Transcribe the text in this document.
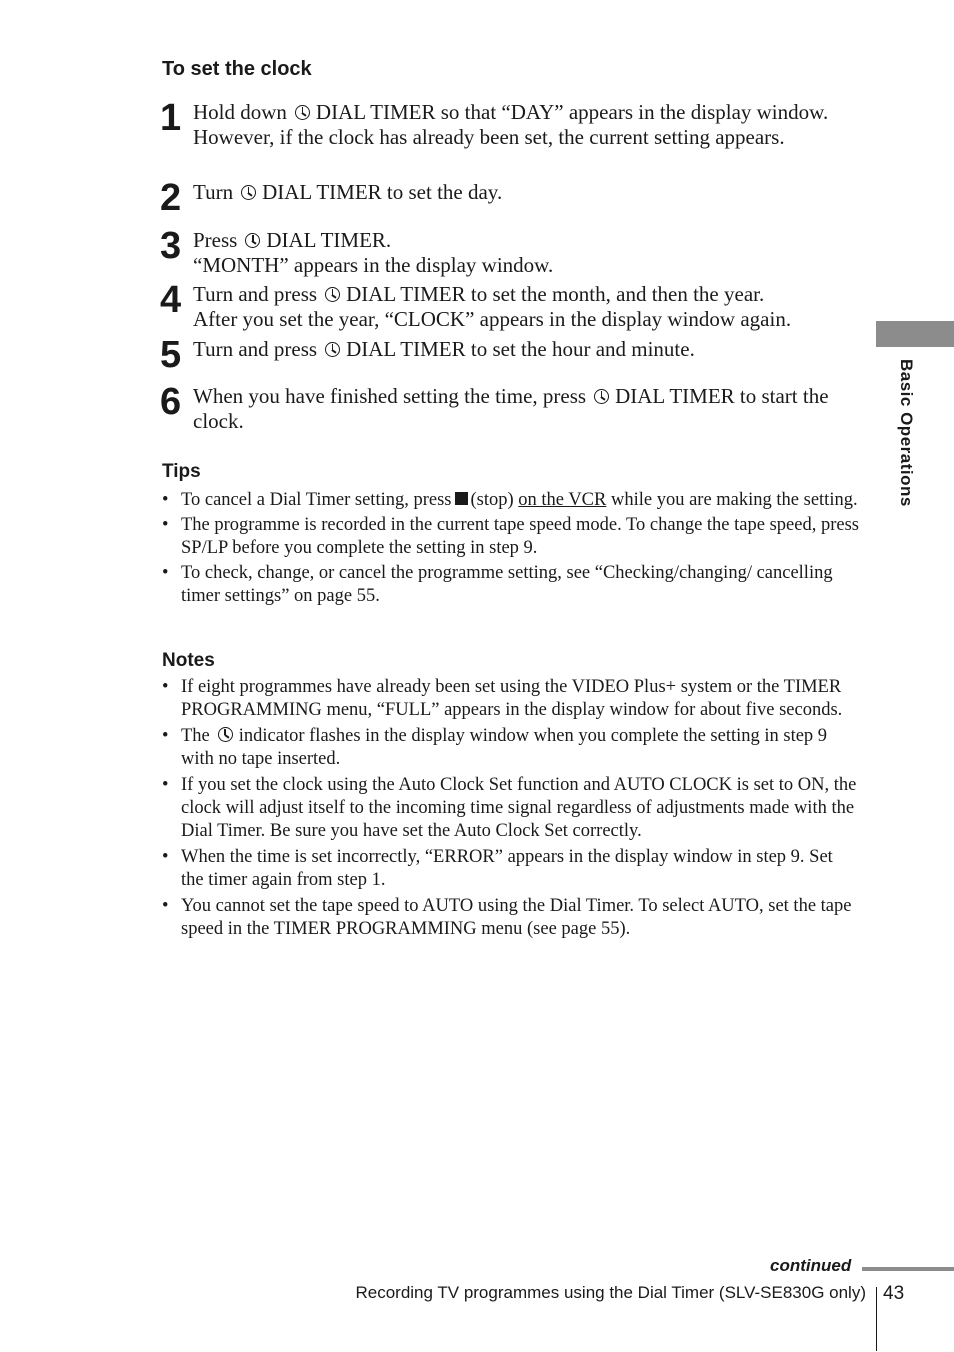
To set the clock
1 Hold down DIAL TIMER so that “DAY” appears in the display window. However, if the clock has already been set, the current setting appears.
2 Turn DIAL TIMER to set the day.
3 Press DIAL TIMER.
“MONTH” appears in the display window.
4 Turn and press DIAL TIMER to set the month, and then the year.
After you set the year, “CLOCK” appears in the display window again.
5 Turn and press DIAL TIMER to set the hour and minute.
6 When you have finished setting the time, press DIAL TIMER to start the clock.
Tips
• To cancel a Dial Timer setting, press (stop) on the VCR while you are making the setting.
• The programme is recorded in the current tape speed mode. To change the tape speed, press SP/LP before you complete the setting in step 9.
• To check, change, or cancel the programme setting, see “Checking/changing/ cancelling timer settings” on page 55.
Notes
• If eight programmes have already been set using the VIDEO Plus+ system or the TIMER PROGRAMMING menu, “FULL” appears in the display window for about five seconds.
• The indicator flashes in the display window when you complete the setting in step 9 with no tape inserted.
• If you set the clock using the Auto Clock Set function and AUTO CLOCK is set to ON, the clock will adjust itself to the incoming time signal regardless of adjustments made with the Dial Timer. Be sure you have set the Auto Clock Set correctly.
• When the time is set incorrectly, “ERROR” appears in the display window in step 9. Set the timer again from step 1.
• You cannot set the tape speed to AUTO using the Dial Timer. To select AUTO, set the tape speed in the TIMER PROGRAMMING menu (see page 55).
Basic Operations
continued
Recording TV programmes using the Dial Timer (SLV-SE830G only) 43
